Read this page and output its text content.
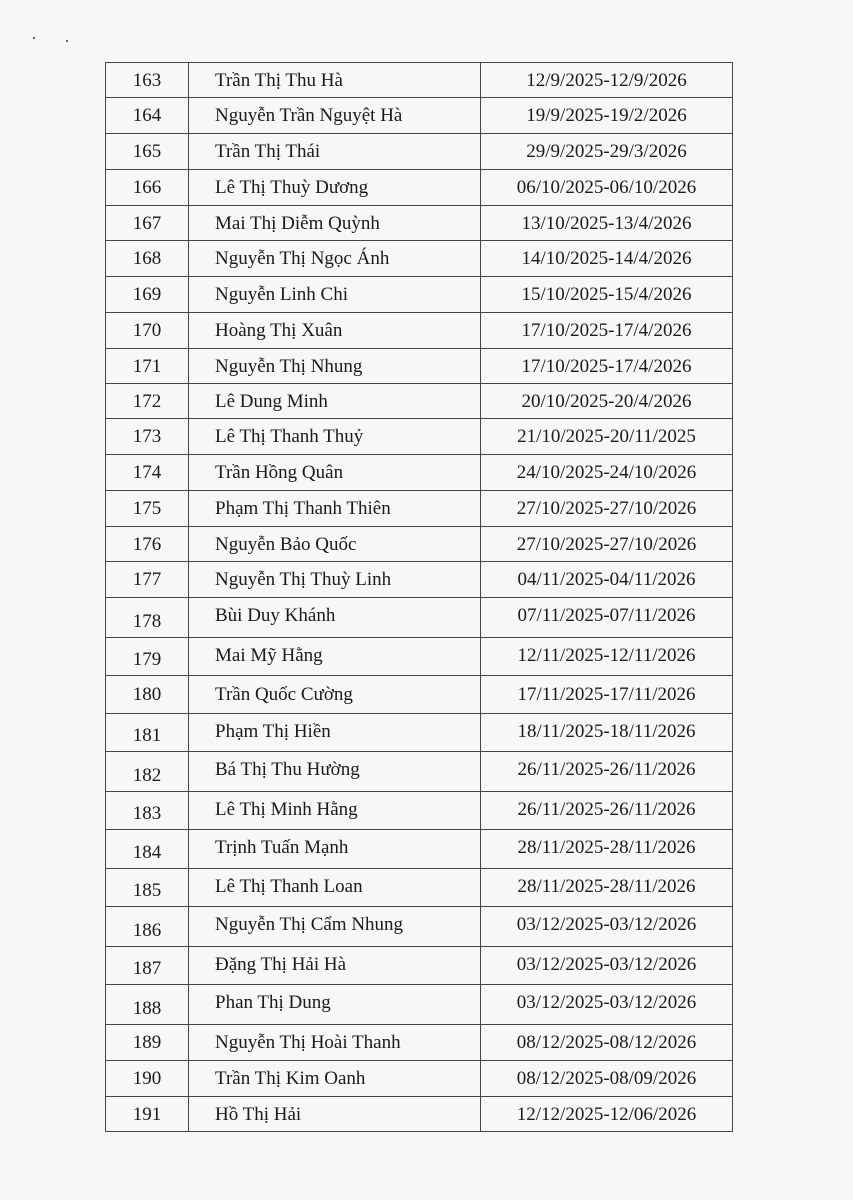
163	Trần Thị Thu Hà	12/9/2025-12/9/2026
164	Nguyễn Trần Nguyệt Hà	19/9/2025-19/2/2026
165	Trần Thị Thái	29/9/2025-29/3/2026
166	Lê Thị Thuỳ Dương	06/10/2025-06/10/2026
167	Mai Thị Diễm Quỳnh	13/10/2025-13/4/2026
168	Nguyễn Thị Ngọc Ánh	14/10/2025-14/4/2026
169	Nguyễn Linh Chi	15/10/2025-15/4/2026
170	Hoàng Thị Xuân	17/10/2025-17/4/2026
171	Nguyễn Thị Nhung	17/10/2025-17/4/2026
172	Lê Dung Minh	20/10/2025-20/4/2026
173	Lê Thị Thanh Thuỷ	21/10/2025-20/11/2025
174	Trần Hồng Quân	24/10/2025-24/10/2026
175	Phạm Thị Thanh Thiên	27/10/2025-27/10/2026
176	Nguyễn Bảo Quốc	27/10/2025-27/10/2026
177	Nguyễn Thị Thuỳ Linh	04/11/2025-04/11/2026
178	Bùi Duy Khánh	07/11/2025-07/11/2026
179	Mai Mỹ Hằng	12/11/2025-12/11/2026
180	Trần Quốc Cường	17/11/2025-17/11/2026
181	Phạm Thị Hiền	18/11/2025-18/11/2026
182	Bá Thị Thu Hường	26/11/2025-26/11/2026
183	Lê Thị Minh Hằng	26/11/2025-26/11/2026
184	Trịnh Tuấn Mạnh	28/11/2025-28/11/2026
185	Lê Thị Thanh Loan	28/11/2025-28/11/2026
186	Nguyễn Thị Cẩm Nhung	03/12/2025-03/12/2026
187	Đặng Thị Hải Hà	03/12/2025-03/12/2026
188	Phan Thị Dung	03/12/2025-03/12/2026
189	Nguyễn Thị Hoài Thanh	08/12/2025-08/12/2026
190	Trần Thị Kim Oanh	08/12/2025-08/09/2026
191	Hồ Thị Hải	12/12/2025-12/06/2026
